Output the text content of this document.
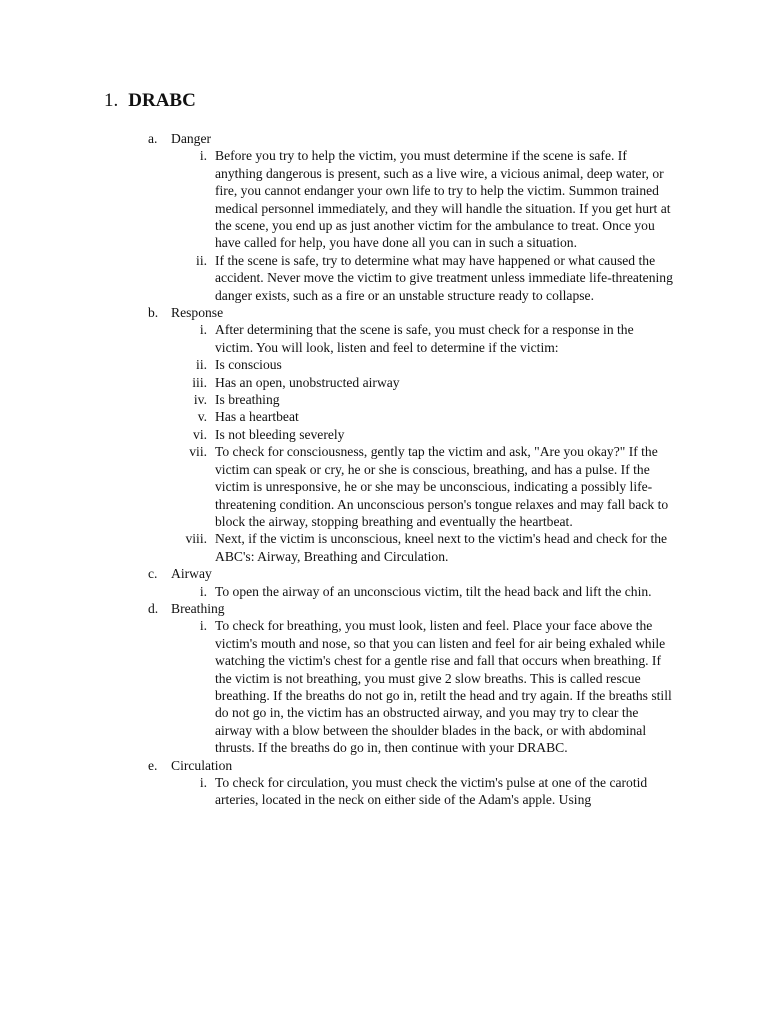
1. DRABC
a. Danger
i. Before you try to help the victim, you must determine if the scene is safe. If anything dangerous is present, such as a live wire, a vicious animal, deep water, or fire, you cannot endanger your own life to try to help the victim. Summon trained medical personnel immediately, and they will handle the situation. If you get hurt at the scene, you end up as just another victim for the ambulance to treat. Once you have called for help, you have done all you can in such a situation.
ii. If the scene is safe, try to determine what may have happened or what caused the accident. Never move the victim to give treatment unless immediate life-threatening danger exists, such as a fire or an unstable structure ready to collapse.
b. Response
i. After determining that the scene is safe, you must check for a response in the victim. You will look, listen and feel to determine if the victim:
ii. Is conscious
iii. Has an open, unobstructed airway
iv. Is breathing
v. Has a heartbeat
vi. Is not bleeding severely
vii. To check for consciousness, gently tap the victim and ask, "Are you okay?" If the victim can speak or cry, he or she is conscious, breathing, and has a pulse. If the victim is unresponsive, he or she may be unconscious, indicating a possibly life-threatening condition. An unconscious person's tongue relaxes and may fall back to block the airway, stopping breathing and eventually the heartbeat.
viii. Next, if the victim is unconscious, kneel next to the victim's head and check for the ABC's: Airway, Breathing and Circulation.
c. Airway
i. To open the airway of an unconscious victim, tilt the head back and lift the chin.
d. Breathing
i. To check for breathing, you must look, listen and feel. Place your face above the victim's mouth and nose, so that you can listen and feel for air being exhaled while watching the victim's chest for a gentle rise and fall that occurs when breathing. If the victim is not breathing, you must give 2 slow breaths. This is called rescue breathing. If the breaths do not go in, retilt the head and try again. If the breaths still do not go in, the victim has an obstructed airway, and you may try to clear the airway with a blow between the shoulder blades in the back, or with abdominal thrusts. If the breaths do go in, then continue with your DRABC.
e. Circulation
i. To check for circulation, you must check the victim's pulse at one of the carotid arteries, located in the neck on either side of the Adam's apple. Using
